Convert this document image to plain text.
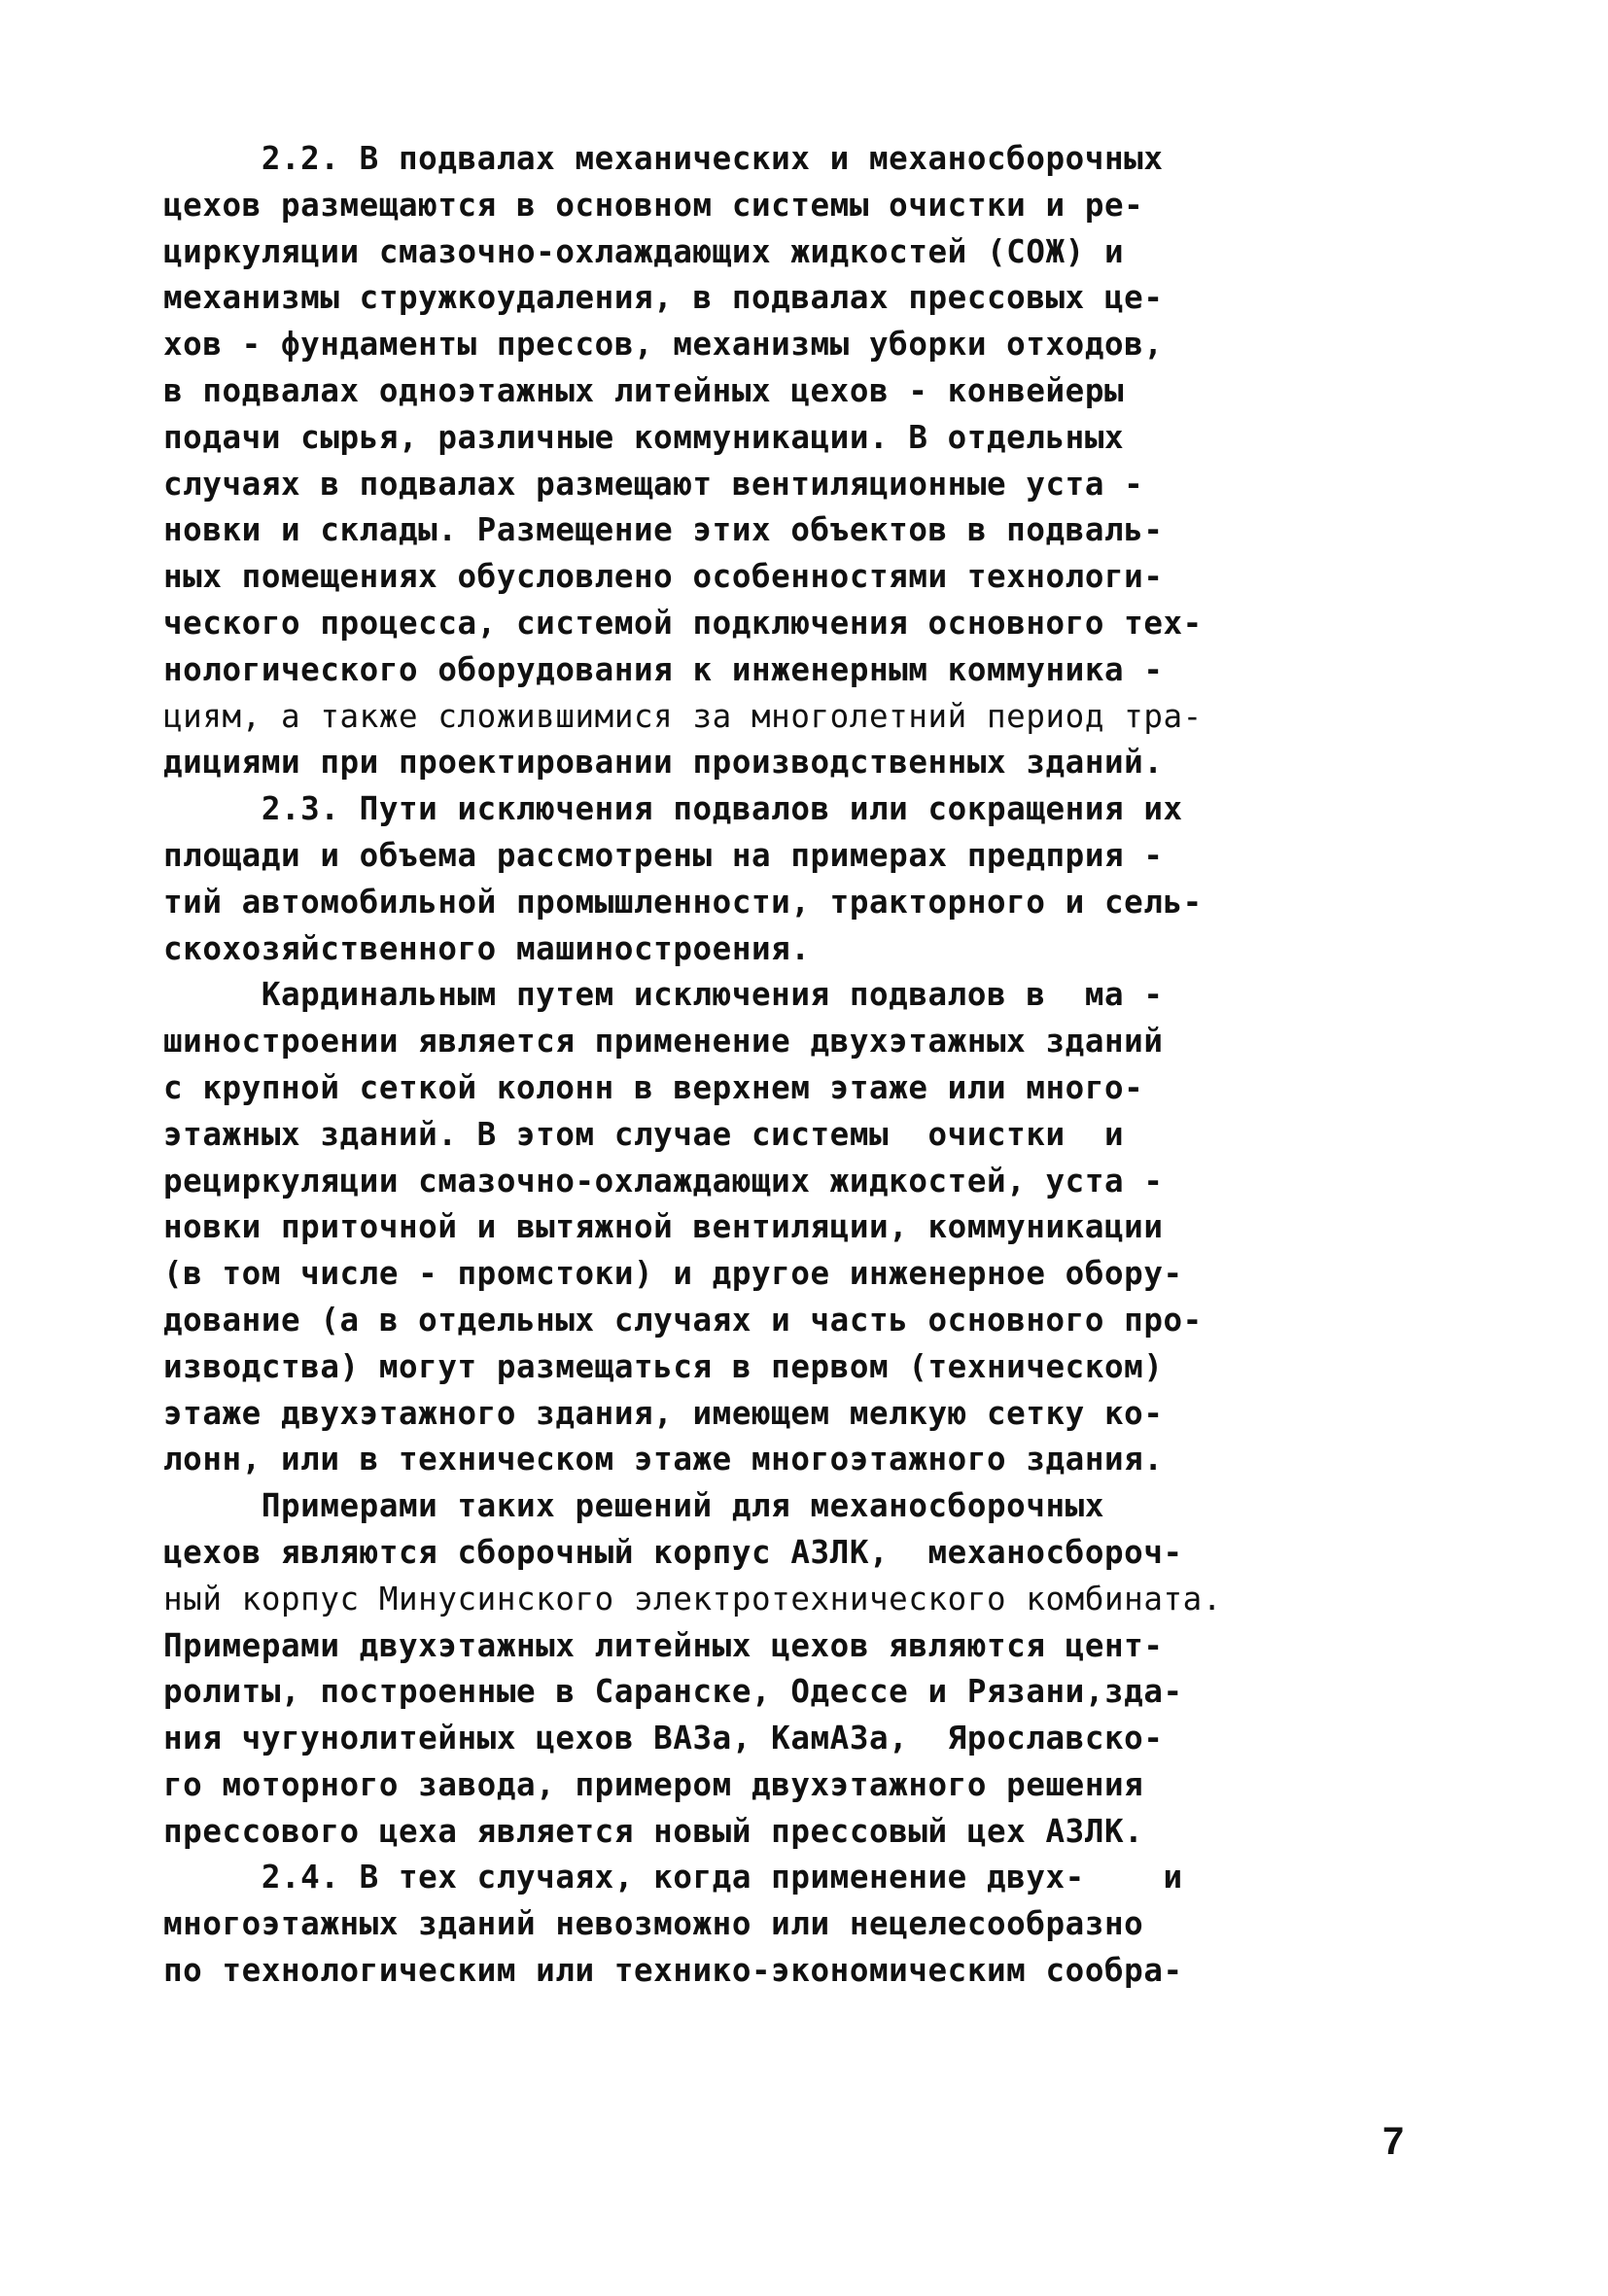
2.2. В подвалах механических и механосборочных
цехов размещаются в основном системы очистки и ре-
циркуляции смазочно-охлаждающих жидкостей (СОЖ) и
механизмы стружкоудаления, в подвалах прессовых це-
хов - фундаменты прессов, механизмы уборки отходов,
в подвалах одноэтажных литейных цехов - конвейеры
подачи сырья, различные коммуникации. В отдельных
случаях в подвалах размещают вентиляционные уста -
новки и склады. Размещение этих объектов в подваль-
ных помещениях обусловлено особенностями технологи-
ческого процесса, системой подключения основного тех-
нологического оборудования к инженерным коммуника -
циям, а также сложившимися за многолетний период тра-
дициями при проектировании производственных зданий.
2.3. Пути исключения подвалов или сокращения их
площади и объема рассмотрены на примерах предприя -
тий автомобильной промышленности, тракторного и сель-
скохозяйственного машиностроения.
Кардинальным путем исключения подвалов в  ма -
шиностроении является применение двухэтажных зданий
с крупной сеткой колонн в верхнем этаже или много-
этажных зданий. В этом случае системы  очистки  и
рециркуляции смазочно-охлаждающих жидкостей, уста -
новки приточной и вытяжной вентиляции, коммуникации
(в том числе - промстоки) и другое инженерное обору-
дование (а в отдельных случаях и часть основного про-
изводства) могут размещаться в первом (техническом)
этаже двухэтажного здания, имеющем мелкую сетку ко-
лонн, или в техническом этаже многоэтажного здания.
Примерами таких решений для механосборочных
цехов являются сборочный корпус АЗЛК,  механосбороч-
ный корпус Минусинского электротехнического комбината.
Примерами двухэтажных литейных цехов являются цент-
ролиты, построенные в Саранске, Одессе и Рязани,зда-
ния чугунолитейных цехов ВАЗа, КамАЗа,  Ярославско-
го моторного завода, примером двухэтажного решения
прессового цеха является новый прессовый цех АЗЛК.
2.4. В тех случаях, когда применение двух-    и
многоэтажных зданий невозможно или нецелесообразно
по технологическим или технико-экономическим сообра-
7
